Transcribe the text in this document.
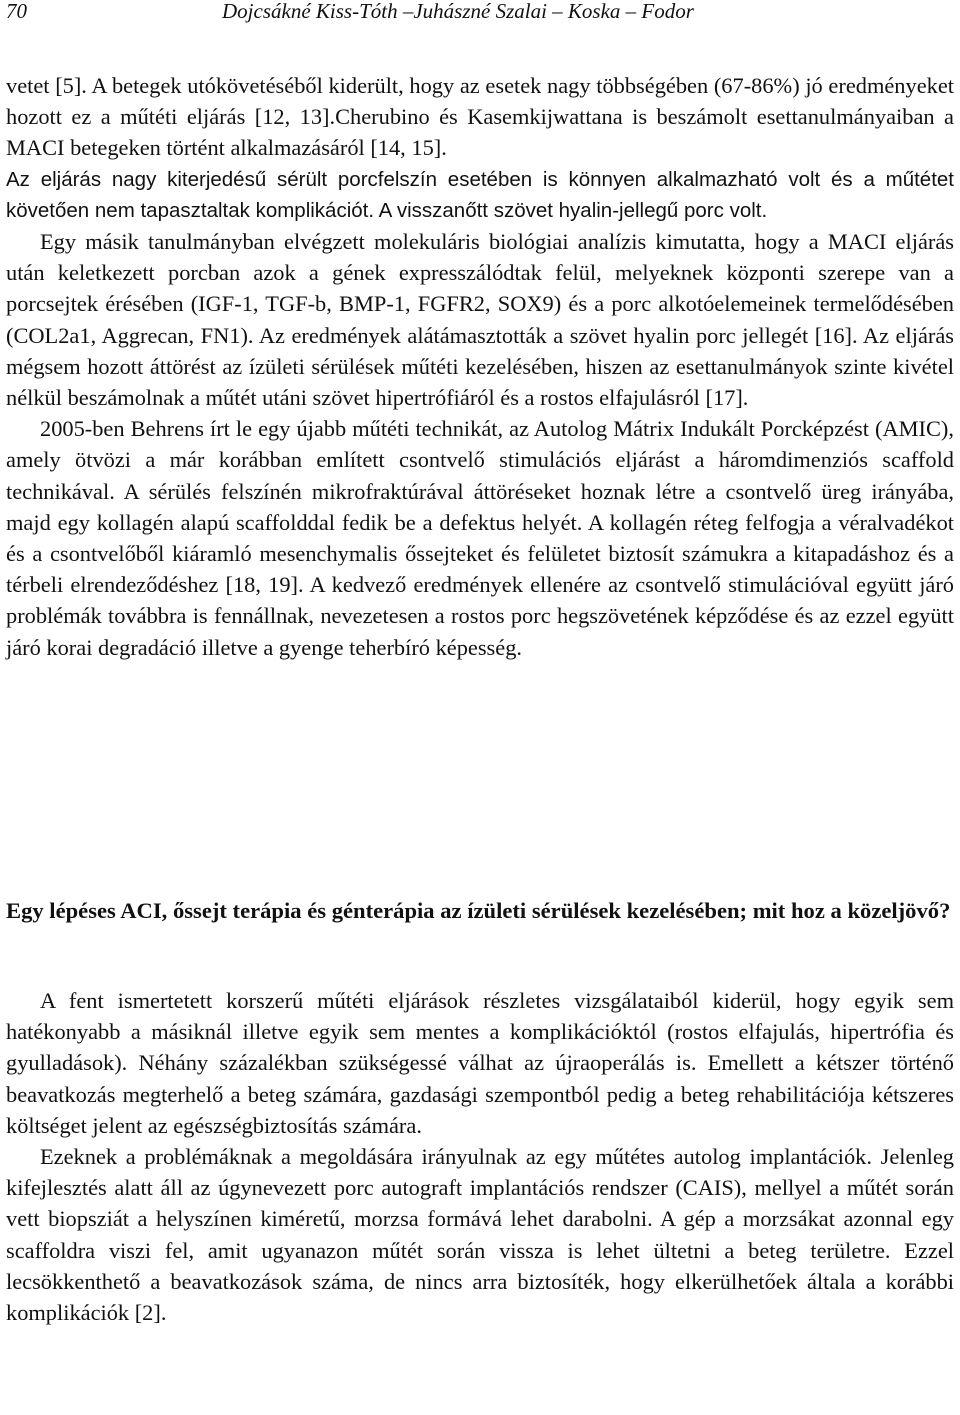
70	Dojcsákné Kiss-Tóth –Juhászné Szalai – Koska – Fodor

vetet [5]. A betegek utókövetéséből kiderült, hogy az esetek nagy többségében (67-86%) jó eredményeket hozott ez a műtéti eljárás [12, 13].Cherubino és Kasemkijwattana is beszámolt esettanulmányaiban a MACI betegeken történt alkalmazásáról [14, 15].

Az eljárás nagy kiterjedésű sérült porcfelszín esetében is könnyen alkalmazható volt és a műtétet követően nem tapasztaltak komplikációt. A visszanőtt szövet hyalin-jellegű porc volt.

Egy másik tanulmányban elvégzett molekuláris biológiai analízis kimutatta, hogy a MACI eljárás után keletkezett porcban azok a gének expresszálódtak felül, melyeknek központi szerepe van a porcsejtek érésében (IGF-1, TGF-b, BMP-1, FGFR2, SOX9) és a porc alkotóelemeinek termelődésében (COL2a1, Aggrecan, FN1). Az eredmények alátámasztották a szövet hyalin porc jellegét [16]. Az eljárás mégsem hozott áttörést az ízületi sérülések műtéti kezelésében, hiszen az esettanulmányok szinte kivétel nélkül beszámolnak a műtét utáni szövet hipertrófiáról és a rostos elfajulásról [17].

2005-ben Behrens írt le egy újabb műtéti technikát, az Autolog Mátrix Indukált Porcképzést (AMIC), amely ötvözi a már korábban említett csontvelő stimulációs eljárást a háromdimenziós scaffold technikával. A sérülés felszínén mikrofraktúrával áttöréseket hoznak létre a csontvelő üreg irányába, majd egy kollagén alapú scaffolddal fedik be a defektus helyét. A kollagén réteg felfogja a véralvadékot és a csontvelőből kiáramló mesenchymalis őssejteket és felületet biztosít számukra a kitapadáshoz és a térbeli elrendeződéshez [18, 19]. A kedvező eredmények ellenére az csontvelő stimulációval együtt járó problémák továbbra is fennállnak, nevezetesen a rostos porc hegszövetének képződése és az ezzel együtt járó korai degradáció illetve a gyenge teherbíró képesség.

Egy lépéses ACI, őssejt terápia és génterápia az ízületi sérülések kezelésében; mit hoz a közeljövő?

A fent ismertetett korszerű műtéti eljárások részletes vizsgálataiból kiderül, hogy egyik sem hatékonyabb a másiknál illetve egyik sem mentes a komplikációktól (rostos elfajulás, hipertrófia és gyulladások). Néhány százalékban szükségessé válhat az újraoperálás is. Emellett a kétszer történő beavatkozás megterhelő a beteg számára, gazdasági szempontból pedig a beteg rehabilitációja kétszeres költséget jelent az egészségbiztosítás számára.

Ezeknek a problémáknak a megoldására irányulnak az egy műtétes autolog implantációk. Jelenleg kifejlesztés alatt áll az úgynevezett porc autograft implantációs rendszer (CAIS), mellyel a műtét során vett biopsziát a helyszínen kiméretű, morzsa formává lehet darabolni. A gép a morzsákat azonnal egy scaffoldra viszi fel, amit ugyanazon műtét során vissza is lehet ültetni a beteg területre. Ezzel lecsökkenthető a beavatkozások száma, de nincs arra biztosíték, hogy elkerülhetőek általa a korábbi komplikációk [2].
